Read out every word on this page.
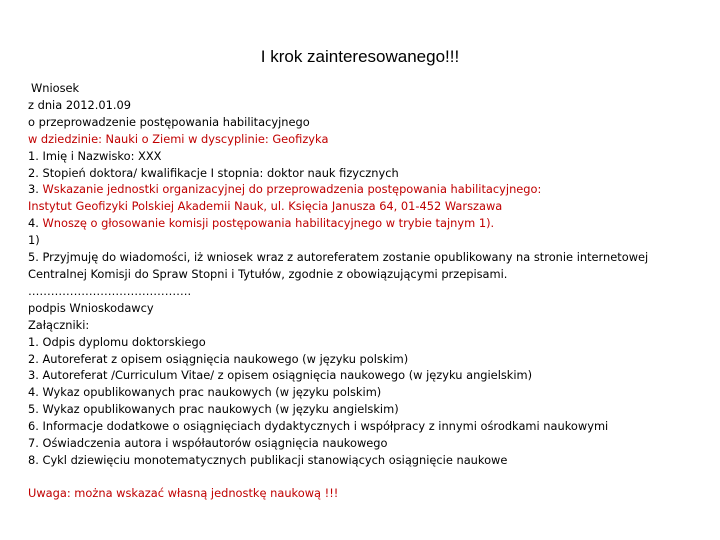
I krok zainteresowanego!!!
Wniosek
z dnia 2012.01.09
o przeprowadzenie postępowania habilitacyjnego
w dziedzinie: Nauki o Ziemi w dyscyplinie: Geofizyka
1. Imię i Nazwisko: XXX
2. Stopień doktora/ kwalifikacje I stopnia: doktor nauk fizycznych
3. Wskazanie jednostki organizacyjnej do przeprowadzenia postępowania habilitacyjnego:
Instytut Geofizyki Polskiej Akademii Nauk, ul. Księcia Janusza 64, 01-452 Warszawa
4. Wnoszę o głosowanie komisji postępowania habilitacyjnego w trybie tajnym 1).
1)
5. Przyjmuję do wiadomości, iż wniosek wraz z autoreferatem zostanie opublikowany na stronie internetowej
Centralnej Komisji do Spraw Stopni i Tytułów, zgodnie z obowiązującymi przepisami.
…………………………………….
podpis Wnioskodawcy
Załączniki:
1. Odpis dyplomu doktorskiego
2. Autoreferat z opisem osiągnięcia naukowego (w języku polskim)
3. Autoreferat /Curriculum Vitae/ z opisem osiągnięcia naukowego (w języku angielskim)
4. Wykaz opublikowanych prac naukowych (w języku polskim)
5. Wykaz opublikowanych prac naukowych (w języku angielskim)
6. Informacje dodatkowe o osiągnięciach dydaktycznych i współpracy z innymi ośrodkami naukowymi
7. Oświadczenia autora i współautorów osiągnięcia naukowego
8. Cykl dziewięciu monotematycznych publikacji stanowiących osiągnięcie naukowe
Uwaga: można wskazać własną jednostkę naukową !!!
